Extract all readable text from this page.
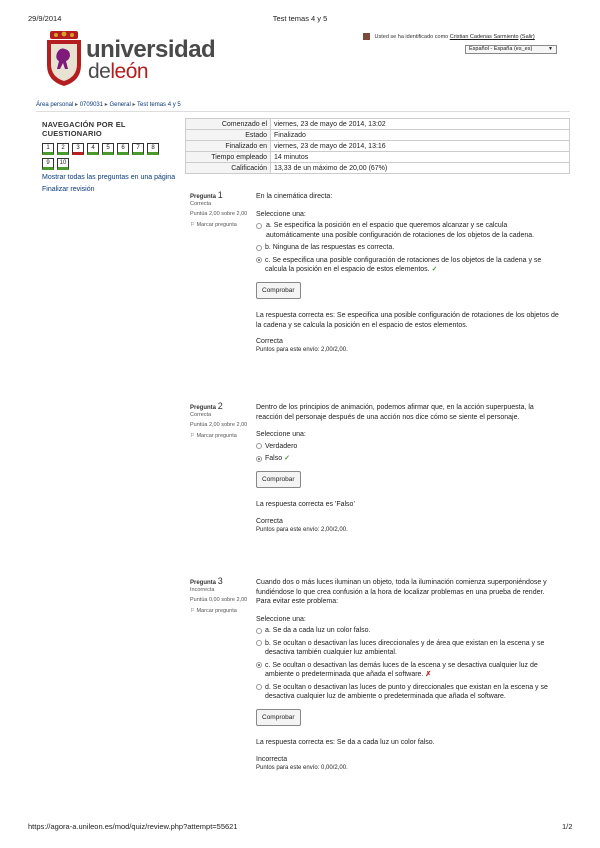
29/9/2014	Test temas 4 y 5
universidad
deleón
Usted se ha identificado como Cristian Cadenas Sarmiento (Salir)
Español - España (es_es)	▼
Área personal ▸ 0709031 ▸ General ▸ Test temas 4 y 5
NAVEGACIÓN POR EL CUESTIONARIO
1	2	3	4	5	6	7	8
9	10
Mostrar todas las preguntas en una página
Finalizar revisión
Comenzado el	viernes, 23 de mayo de 2014, 13:02
Estado	Finalizado
Finalizado en	viernes, 23 de mayo de 2014, 13:16
Tiempo empleado	14 minutos
Calificación	13,33 de un máximo de 20,00 (67%)
Pregunta 1
Correcta
Puntúa 2,00 sobre 2,00
⚐ Marcar pregunta
En la cinemática directa:
Seleccione una:
a. Se especifica la posición en el espacio que queremos alcanzar y se calcula automáticamente una posible configuración de rotaciones de los objetos de la cadena.
b. Ninguna de las respuestas es correcta.
c. Se especifica una posible configuración de rotaciones de los objetos de la cadena y se calcula la posición en el espacio de estos elementos. ✓
Comprobar
La respuesta correcta es: Se especifica una posible configuración de rotaciones de los objetos de la cadena y se calcula la posición en el espacio de estos elementos.
Correcta
Puntos para este envío: 2,00/2,00.
Pregunta 2
Correcta
Puntúa 2,00 sobre 2,00
⚐ Marcar pregunta
Dentro de los principios de animación, podemos afirmar que, en la acción superpuesta, la reacción del personaje después de una acción nos dice cómo se siente el personaje.
Seleccione una:
Verdadero
Falso ✓
Comprobar
La respuesta correcta es 'Falso'
Correcta
Puntos para este envío: 2,00/2,00.
Pregunta 3
Incorrecta
Puntúa 0,00 sobre 2,00
⚐ Marcar pregunta
Cuando dos o más luces iluminan un objeto, toda la iluminación comienza superponiéndose y fundiéndose lo que crea confusión a la hora de localizar problemas en una prueba de render. Para evitar este problema:
Seleccione una:
a. Se da a cada luz un color falso.
b. Se ocultan o desactivan las luces direccionales y de área que existan en la escena y se desactiva también cualquier luz ambiental.
c. Se ocultan o desactivan las demás luces de la escena y se desactiva cualquier luz de ambiente o predeterminada que añada el software. ✗
d. Se ocultan o desactivan las luces de punto y direccionales que existan en la escena y se desactiva cualquier luz de ambiente o predeterminada que añada el software.
Comprobar
La respuesta correcta es: Se da a cada luz un color falso.
Incorrecta
Puntos para este envío: 0,00/2,00.
https://agora-a.unileon.es/mod/quiz/review.php?attempt=55621	1/2
